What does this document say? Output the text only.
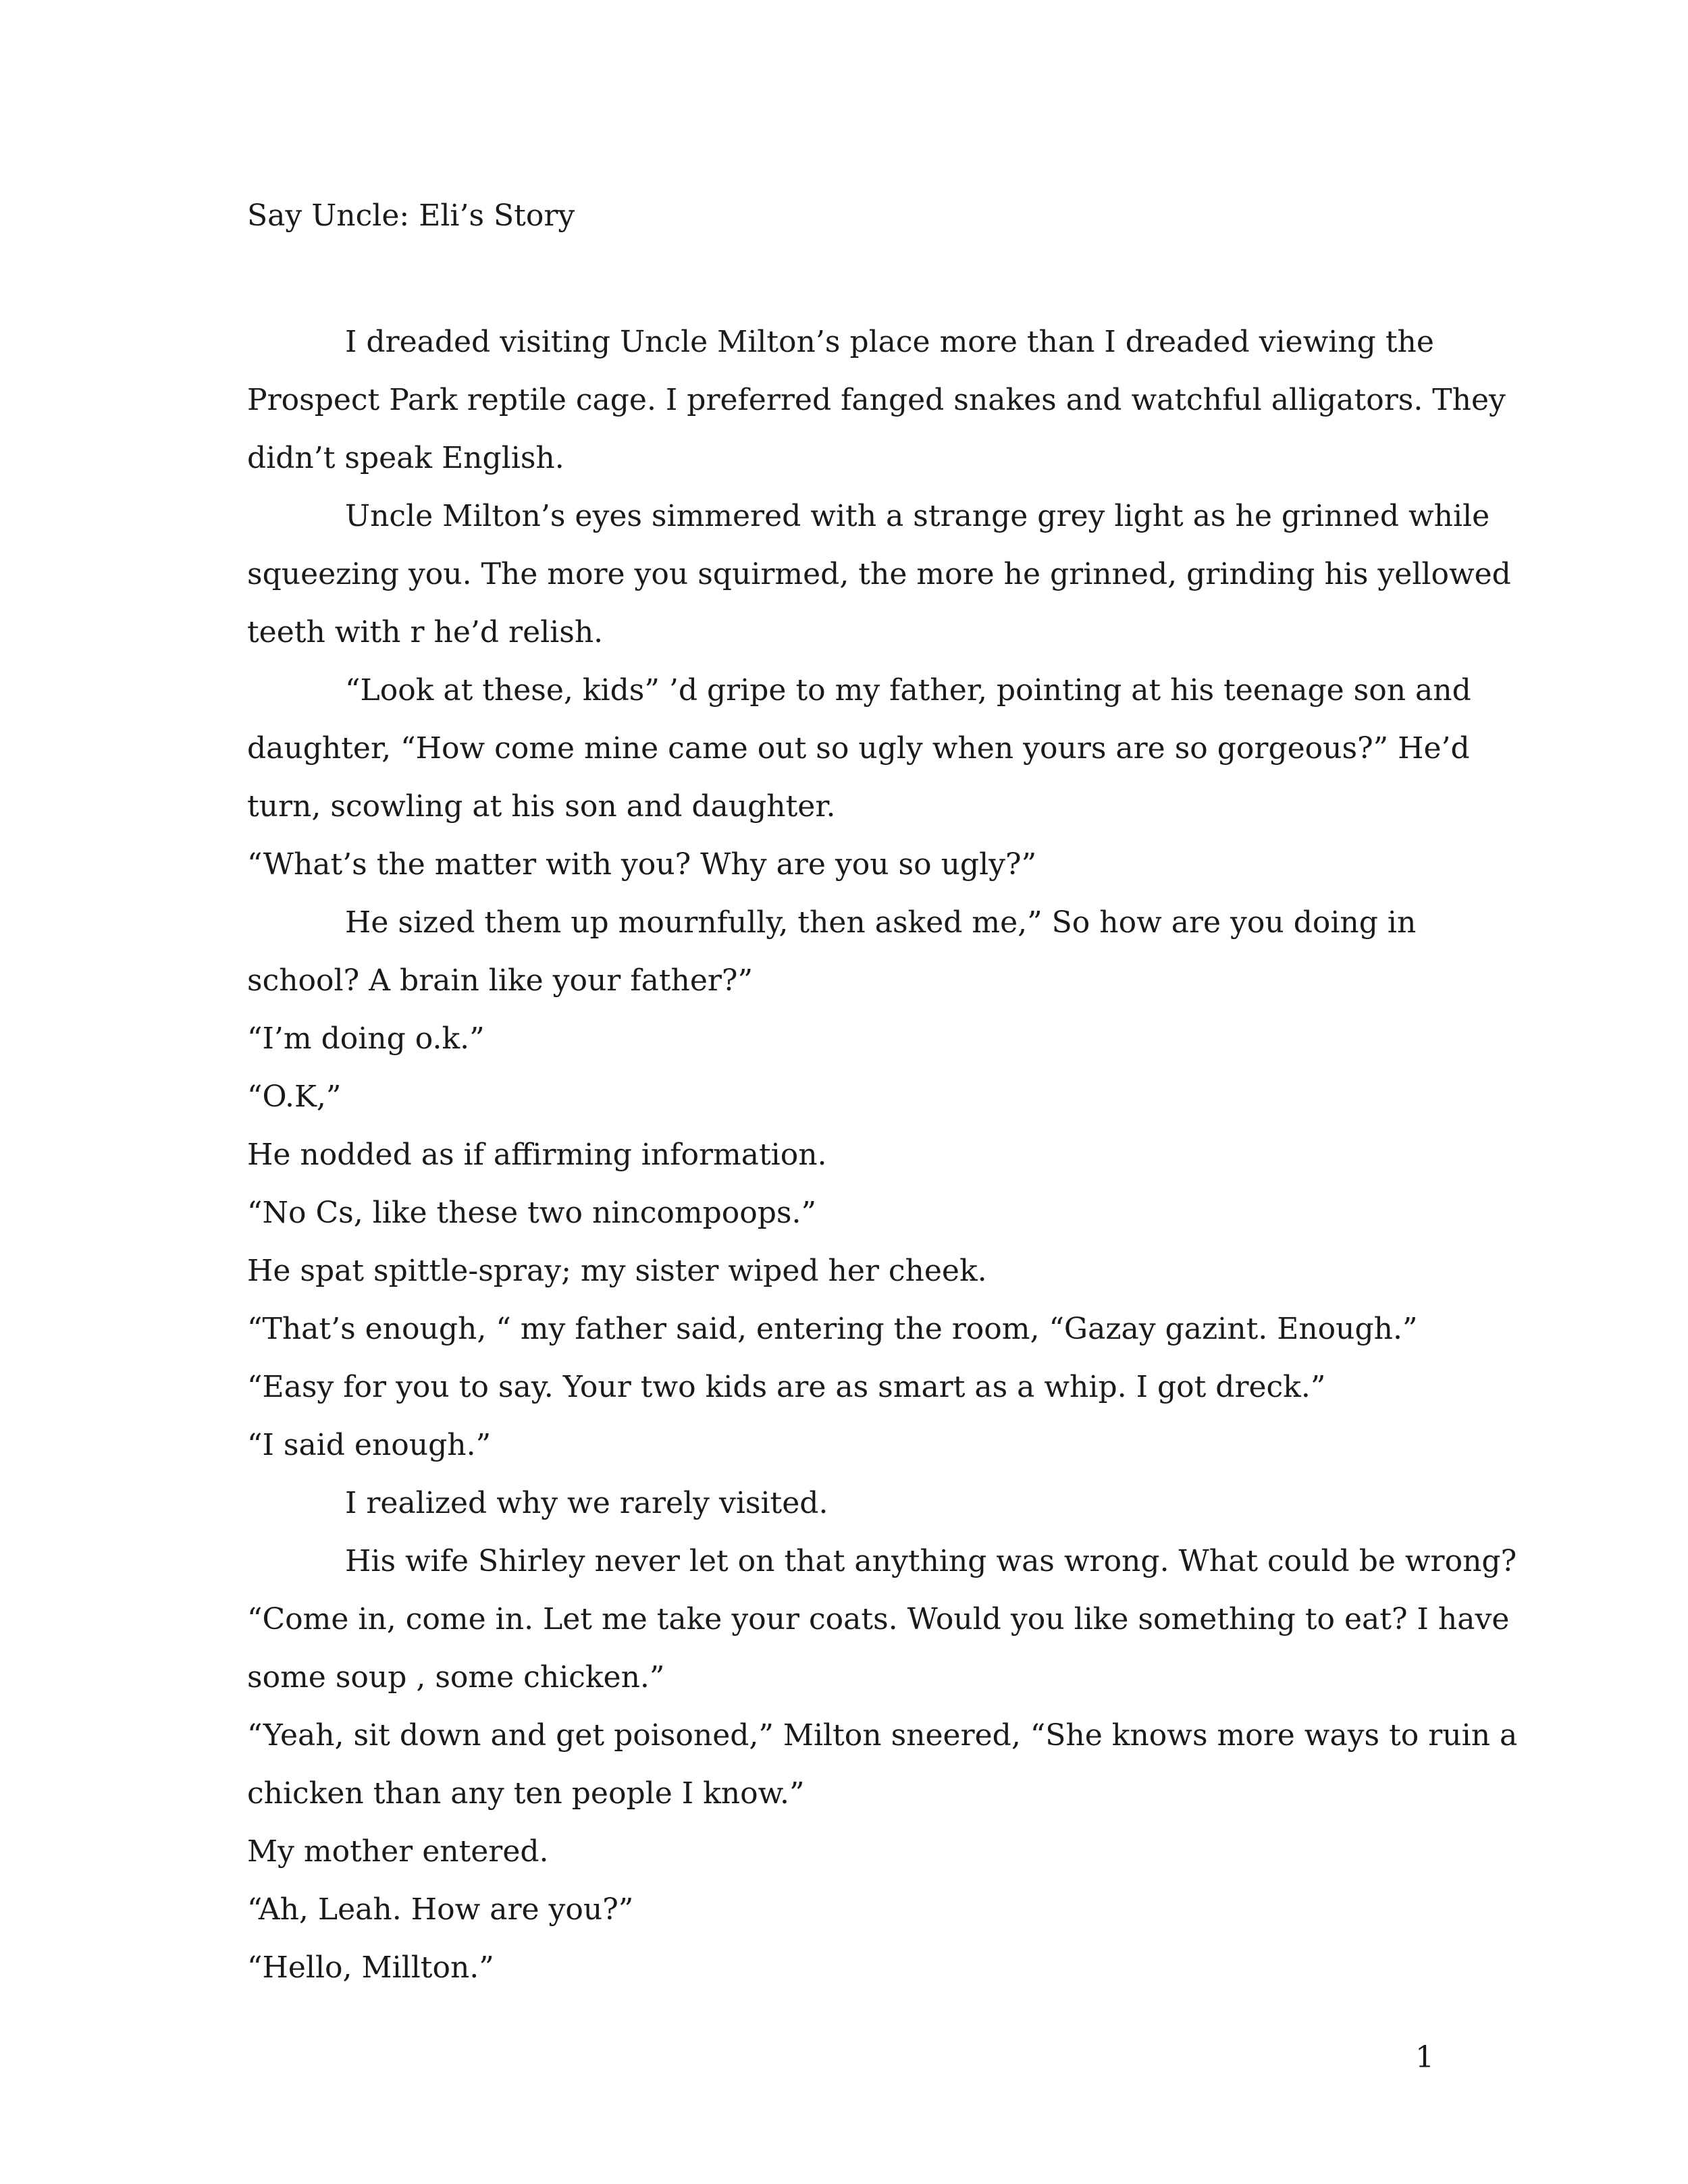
Say Uncle: Eli’s Story

I dreaded visiting Uncle Milton’s place more than I dreaded viewing the
Prospect Park reptile cage. I preferred fanged snakes and watchful alligators. They
didn’t speak English.
Uncle Milton’s eyes simmered with a strange grey light as he grinned while
squeezing you. The more you squirmed, the more he grinned, grinding his yellowed
teeth with r he’d relish.
“Look at these, kids” ’d gripe to my father, pointing at his teenage son and
daughter, “How come mine came out so ugly when yours are so gorgeous?” He’d
turn, scowling at his son and daughter.
“What’s the matter with you? Why are you so ugly?”
He sized them up mournfully, then asked me,” So how are you doing in
school? A brain like your father?”
“I’m doing o.k.”
“O.K,”
He nodded as if affirming information.
“No Cs, like these two nincompoops.”
He spat spittle-spray; my sister wiped her cheek.
“That’s enough, “ my father said, entering the room, “Gazay gazint. Enough.”
“Easy for you to say. Your two kids are as smart as a whip. I got dreck.”
“I said enough.”
I realized why we rarely visited.
His wife Shirley never let on that anything was wrong. What could be wrong?
“Come in, come in. Let me take your coats. Would you like something to eat? I have
some soup , some chicken.”
“Yeah, sit down and get poisoned,” Milton sneered, “She knows more ways to ruin a
chicken than any ten people I know.”
My mother entered.
“Ah, Leah. How are you?”
“Hello, Millton.”

1
